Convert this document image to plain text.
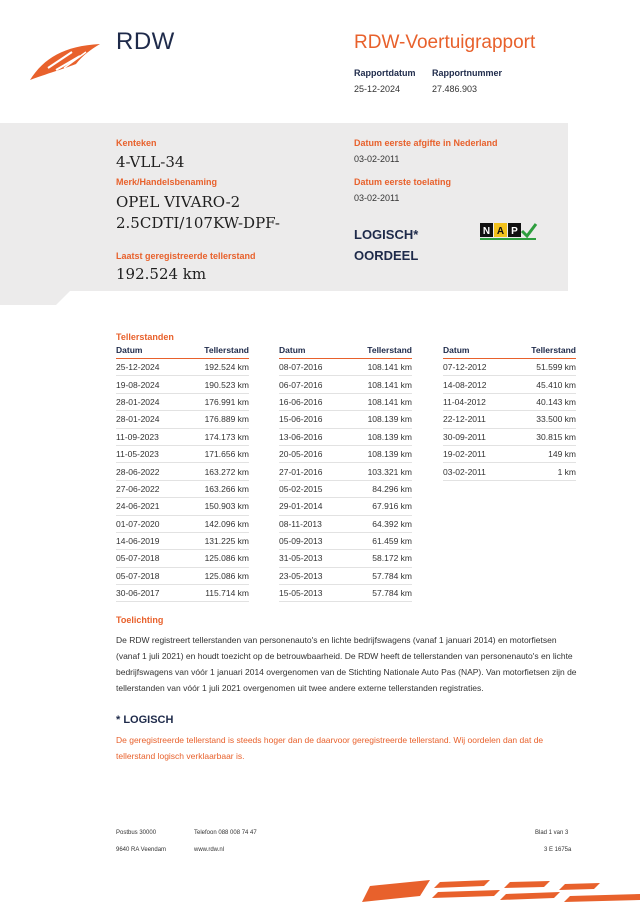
RDW	RDW-Voertuigrapport
Rapportdatum
25-12-2024
Rapportnummer
27.486.903
Kenteken
4-VLL-34
Merk/Handelsbenaming
OPEL VIVARO-2
2.5CDTI/107KW-DPF-
Laatst geregistreerde tellerstand
192.524 km
Datum eerste afgifte in Nederland
03-02-2011
Datum eerste toelating
03-02-2011
LOGISCH*
OORDEEL
N A P
Tellerstanden
Datum	Tellerstand
25-12-2024	192.524 km
19-08-2024	190.523 km
28-01-2024	176.991 km
28-01-2024	176.889 km
11-09-2023	174.173 km
11-05-2023	171.656 km
28-06-2022	163.272 km
27-06-2022	163.266 km
24-06-2021	150.903 km
01-07-2020	142.096 km
14-06-2019	131.225 km
05-07-2018	125.086 km
05-07-2018	125.086 km
30-06-2017	115.714 km
Datum	Tellerstand
08-07-2016	108.141 km
06-07-2016	108.141 km
16-06-2016	108.141 km
15-06-2016	108.139 km
13-06-2016	108.139 km
20-05-2016	108.139 km
27-01-2016	103.321 km
05-02-2015	84.296 km
29-01-2014	67.916 km
08-11-2013	64.392 km
05-09-2013	61.459 km
31-05-2013	58.172 km
23-05-2013	57.784 km
15-05-2013	57.784 km
Datum	Tellerstand
07-12-2012	51.599 km
14-08-2012	45.410 km
11-04-2012	40.143 km
22-12-2011	33.500 km
30-09-2011	30.815 km
19-02-2011	149 km
03-02-2011	1 km
Toelichting
De RDW registreert tellerstanden van personenauto's en lichte bedrijfswagens (vanaf 1 januari 2014) en motorfietsen (vanaf 1 juli 2021) en houdt toezicht op de betrouwbaarheid. De RDW heeft de tellerstanden van personenauto's en lichte bedrijfswagens van vóór 1 januari 2014 overgenomen van de Stichting Nationale Auto Pas (NAP). Van motorfietsen zijn de tellerstanden van vóór 1 juli 2021 overgenomen uit twee andere externe tellerstanden registraties.
* LOGISCH
De geregistreerde tellerstand is steeds hoger dan de daarvoor geregistreerde tellerstand. Wij oordelen dan dat de tellerstand logisch verklaarbaar is.
Postbus 30000
9640 RA Veendam
Telefoon 088 008 74 47
www.rdw.nl
Blad 1 van 3
3 E 1675a
